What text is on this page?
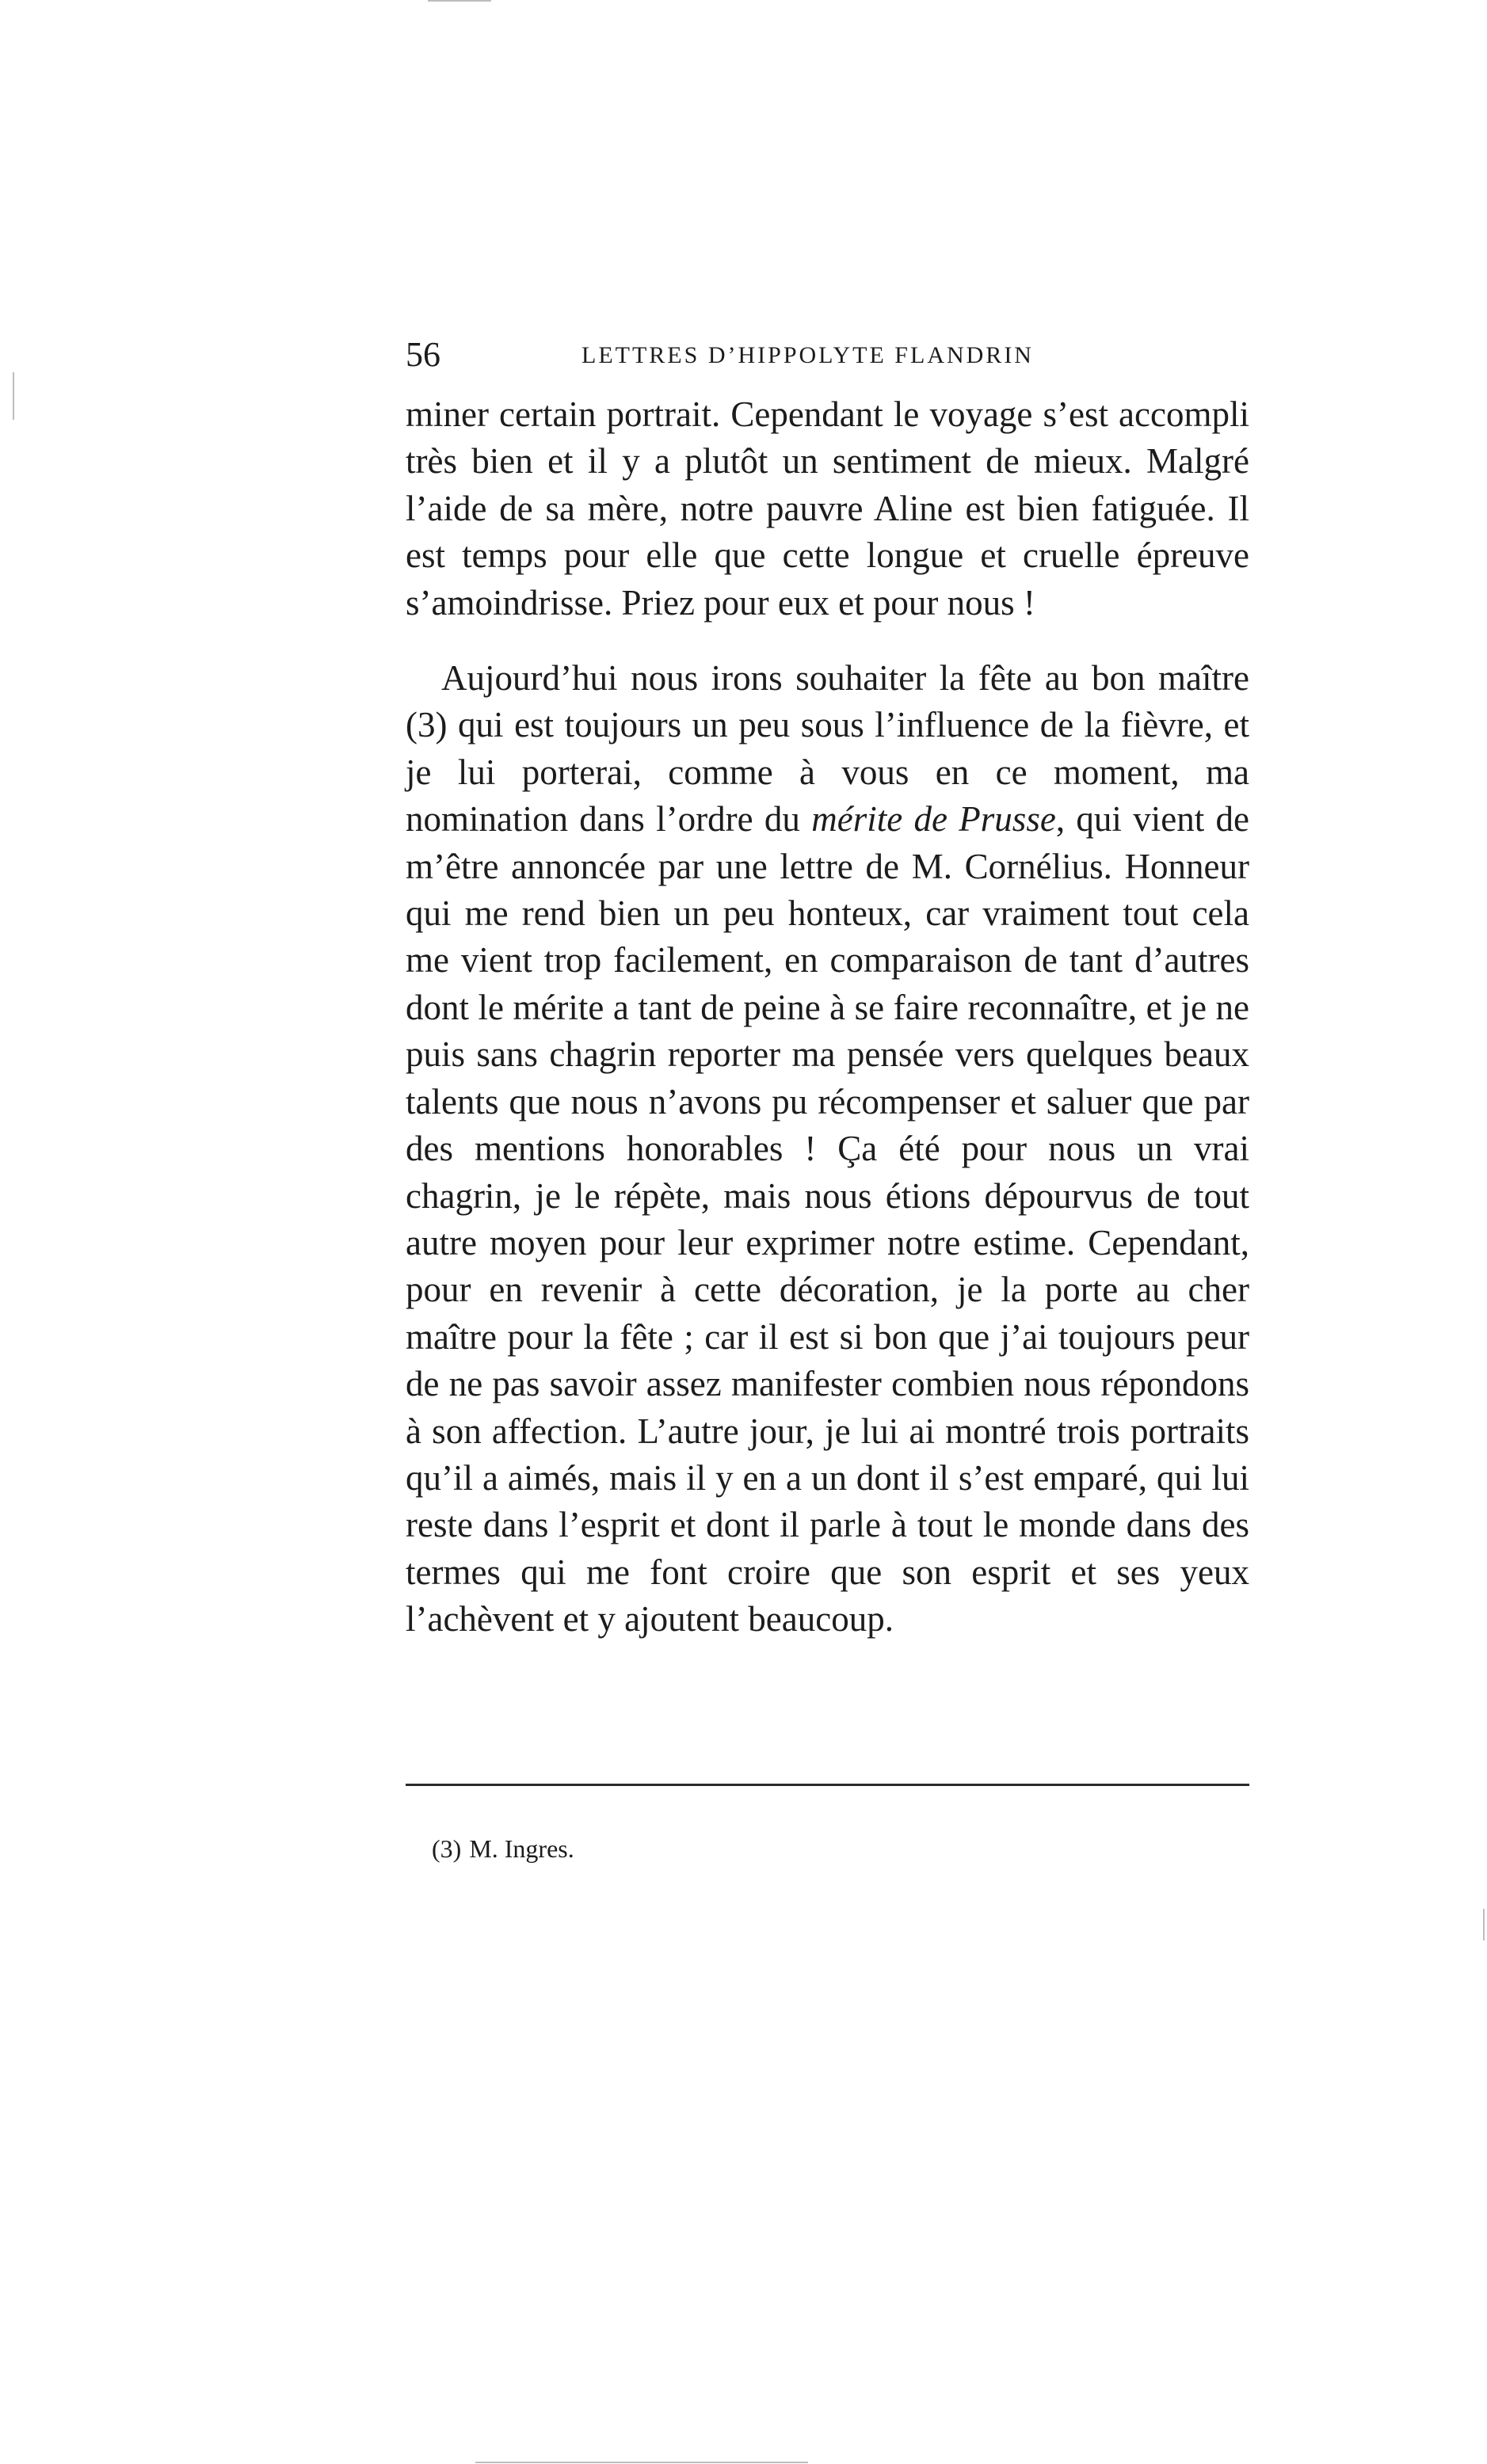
56	LETTRES D’HIPPOLYTE FLANDRIN

miner certain portrait. Cependant le voyage s’est accompli très bien et il y a plutôt un sentiment de mieux. Malgré l’aide de sa mère, notre pauvre Aline est bien fatiguée. Il est temps pour elle que cette longue et cruelle épreuve s’amoindrisse. Priez pour eux et pour nous !

Aujourd’hui nous irons souhaiter la fête au bon maître (3) qui est toujours un peu sous l’influence de la fièvre, et je lui porterai, comme à vous en ce moment, ma nomination dans l’ordre du mérite de Prusse, qui vient de m’être annoncée par une lettre de M. Cornélius. Honneur qui me rend bien un peu honteux, car vraiment tout cela me vient trop facilement, en comparaison de tant d’autres dont le mérite a tant de peine à se faire reconnaître, et je ne puis sans chagrin reporter ma pensée vers quelques beaux talents que nous n’avons pu récompenser et saluer que par des mentions honorables ! Ça été pour nous un vrai chagrin, je le répète, mais nous étions dépourvus de tout autre moyen pour leur exprimer notre estime. Cependant, pour en revenir à cette décoration, je la porte au cher maître pour la fête ; car il est si bon que j’ai toujours peur de ne pas savoir assez manifester combien nous répondons à son affection. L’autre jour, je lui ai montré trois portraits qu’il a aimés, mais il y en a un dont il s’est emparé, qui lui reste dans l’esprit et dont il parle à tout le monde dans des termes qui me font croire que son esprit et ses yeux l’achèvent et y ajoutent beaucoup.

(3) M. Ingres.
